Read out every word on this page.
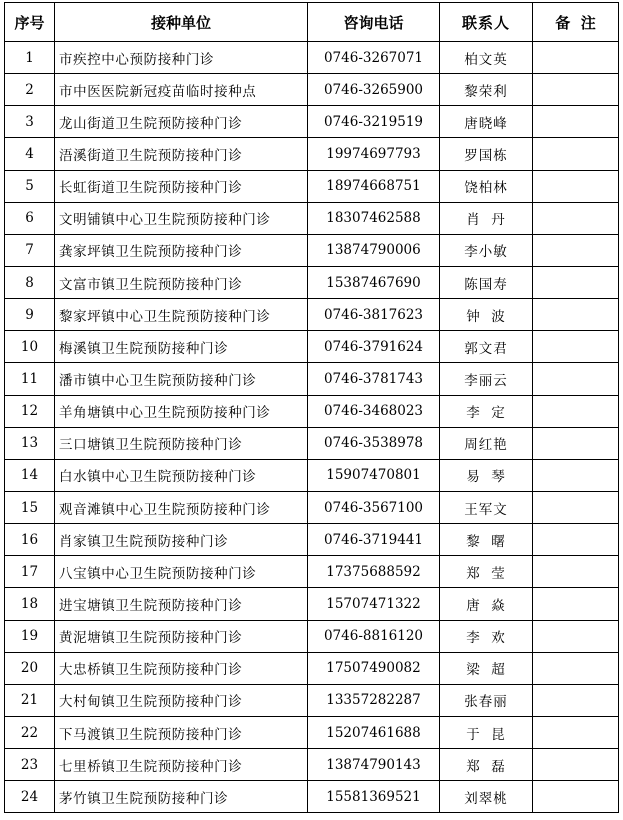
序号	接种单位	咨询电话	联系人	备  注
1	市疾控中心预防接种门诊	0746-3267071	柏文英	
2	市中医医院新冠疫苗临时接种点	0746-3265900	黎荣利	
3	龙山街道卫生院预防接种门诊	0746-3219519	唐晓峰	
4	浯溪街道卫生院预防接种门诊	19974697793	罗国栋	
5	长虹街道卫生院预防接种门诊	18974668751	饶柏林	
6	文明铺镇中心卫生院预防接种门诊	18307462588	肖  丹	
7	龚家坪镇卫生院预防接种门诊	13874790006	李小敏	
8	文富市镇卫生院预防接种门诊	15387467690	陈国寿	
9	黎家坪镇中心卫生院预防接种门诊	0746-3817623	钟  波	
10	梅溪镇卫生院预防接种门诊	0746-3791624	郭文君	
11	潘市镇中心卫生院预防接种门诊	0746-3781743	李丽云	
12	羊角塘镇中心卫生院预防接种门诊	0746-3468023	李  定	
13	三口塘镇卫生院预防接种门诊	0746-3538978	周红艳	
14	白水镇中心卫生院预防接种门诊	15907470801	易  琴	
15	观音滩镇中心卫生院预防接种门诊	0746-3567100	王军文	
16	肖家镇卫生院预防接种门诊	0746-3719441	黎  曙	
17	八宝镇中心卫生院预防接种门诊	17375688592	郑  莹	
18	进宝塘镇卫生院预防接种门诊	15707471322	唐  焱	
19	黄泥塘镇卫生院预防接种门诊	0746-8816120	李  欢	
20	大忠桥镇卫生院预防接种门诊	17507490082	梁  超	
21	大村甸镇卫生院预防接种门诊	13357282287	张春丽	
22	下马渡镇卫生院预防接种门诊	15207461688	于  昆	
23	七里桥镇卫生院预防接种门诊	13874790143	郑  磊	
24	茅竹镇卫生院预防接种门诊	15581369521	刘翠桃	
